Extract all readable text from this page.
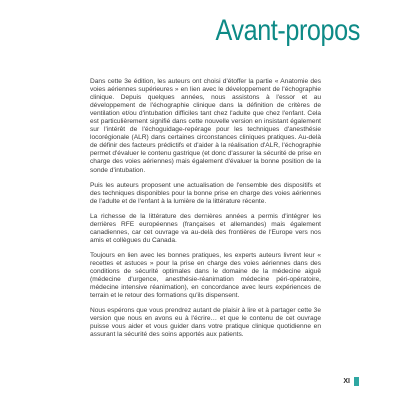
Avant-propos

Dans cette 3e édition, les auteurs ont choisi d'étoffer la partie « Anatomie des voies aériennes supérieures » en lien avec le développement de l'échographie clinique. Depuis quelques années, nous assistons à l'essor et au développement de l'échographie clinique dans la définition de critères de ventilation et/ou d'intubation difficiles tant chez l'adulte que chez l'enfant. Cela est particulièrement signifié dans cette nouvelle version en insistant également sur l'intérêt de l'échoguidage-repérage pour les techniques d'anesthésie locorégionale (ALR) dans certaines circonstances cliniques pratiques. Au-delà de définir des facteurs prédictifs et d'aider à la réalisation d'ALR, l'échographie permet d'évaluer le contenu gastrique (et donc d'assurer la sécurité de prise en charge des voies aériennes) mais également d'évaluer la bonne position de la sonde d'intubation.

Puis les auteurs proposent une actualisation de l'ensemble des dispositifs et des techniques disponibles pour la bonne prise en charge des voies aériennes de l'adulte et de l'enfant à la lumière de la littérature récente.

La richesse de la littérature des dernières années a permis d'intégrer les derrières RFE européennes (françaises et allemandes) mais également canadiennes, car cet ouvrage va au-delà des frontières de l'Europe vers nos amis et collègues du Canada.

Toujours en lien avec les bonnes pratiques, les experts auteurs livrent leur « recettes et astuces » pour la prise en charge des voies aériennes dans des conditions de sécurité optimales dans le domaine de la médecine aiguë (médecine d'urgence, anesthésie-réanimation médecine péri-opératoire, médecine intensive réanimation), en concordance avec leurs expériences de terrain et le retour des formations qu'ils dispensent.

Nous espérons que vous prendrez autant de plaisir à lire et à partager cette 3e version que nous en avons eu à l'écrire… et que le contenu de cet ouvrage puisse vous aider et vous guider dans votre pratique clinique quotidienne en assurant la sécurité des soins apportés aux patients.

XI
